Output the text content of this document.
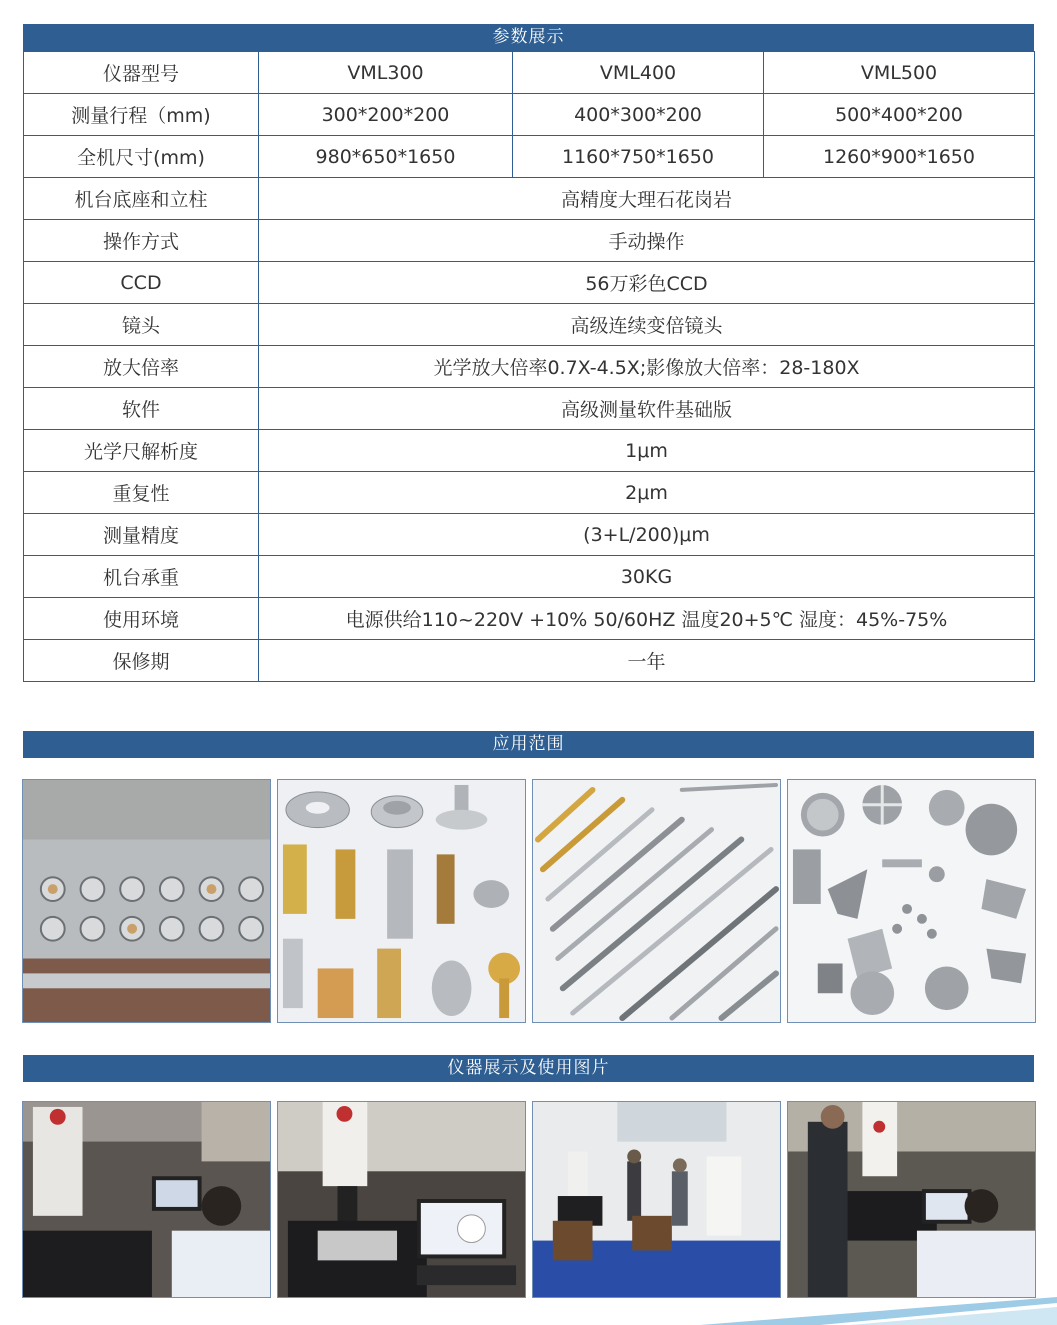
参数展示
仪器型号	VML300	VML400	VML500
测量行程（mm)	300*200*200	400*300*200	500*400*200
全机尺寸(mm)	980*650*1650	1160*750*1650	1260*900*1650
机台底座和立柱	高精度大理石花岗岩		
操作方式	手动操作		
CCD	56万彩色CCD		
镜头	高级连续变倍镜头		
放大倍率	光学放大倍率0.7X-4.5X;影像放大倍率：28-180X		
软件	高级测量软件基础版		
光学尺解析度	1μm		
重复性	2μm		
测量精度	(3+L/200)μm		
机台承重	30KG		
使用环境	电源供给110~220V +10% 50/60HZ 温度20+5℃ 湿度：45%-75%		
保修期	一年		
应用范围
仪器展示及使用图片
